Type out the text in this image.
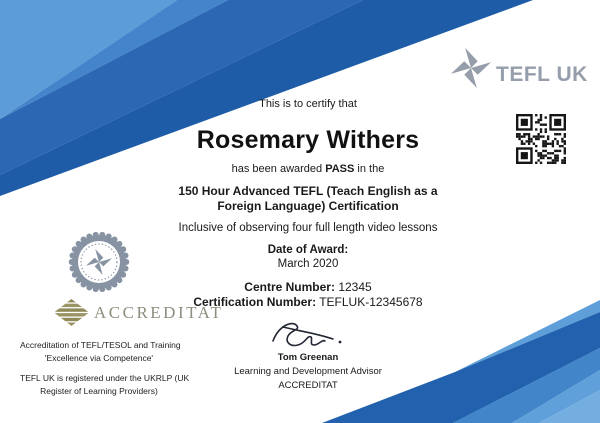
TEFL UK
ACCREDITAT
Accreditation of TEFL/TESOL and Training
'Excellence via Competence'
TEFL UK is registered under the UKRLP (UK
Register of Learning Providers)
This is to certify that
Rosemary Withers
has been awarded PASS in the
150 Hour Advanced TEFL (Teach English as a
Foreign Language) Certification
Inclusive of observing four full length video lessons
Date of Award:
March 2020
Centre Number: 12345
Certification Number: TEFLUK-12345678
Tom Greenan
Learning and Development Advisor
ACCREDITAT
